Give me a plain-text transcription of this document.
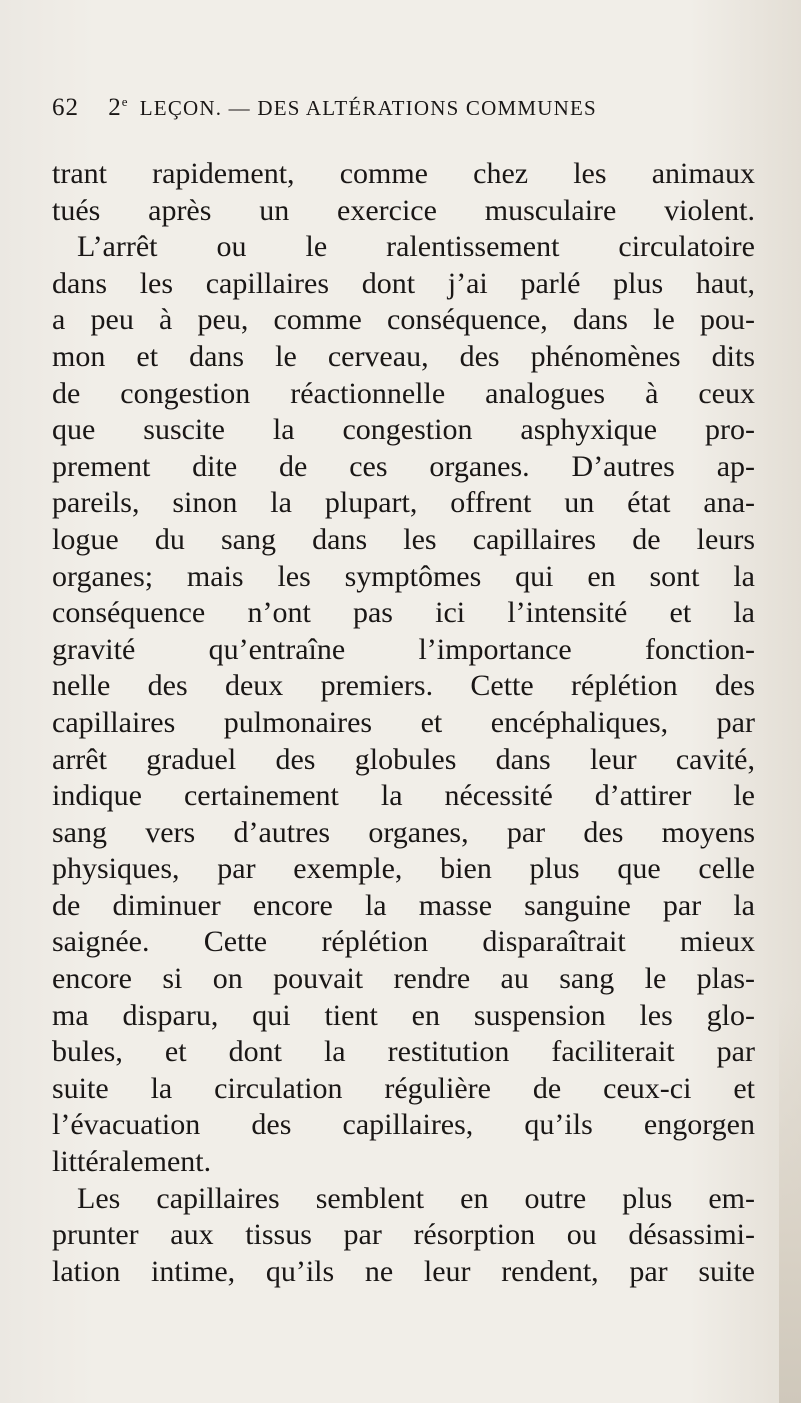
62 2e LEÇON. — DES ALTÉRATIONS COMMUNES
trant rapidement, comme chez les animaux
tués après un exercice musculaire violent.
L’arrêt ou le ralentissement circulatoire
dans les capillaires dont j’ai parlé plus haut,
a peu à peu, comme conséquence, dans le pou-
mon et dans le cerveau, des phénomènes dits
de congestion réactionnelle analogues à ceux
que suscite la congestion asphyxique pro-
prement dite de ces organes. D’autres ap-
pareils, sinon la plupart, offrent un état ana-
logue du sang dans les capillaires de leurs
organes; mais les symptômes qui en sont la
conséquence n’ont pas ici l’intensité et la
gravité qu’entraîne l’importance fonction-
nelle des deux premiers. Cette réplétion des
capillaires pulmonaires et encéphaliques, par
arrêt graduel des globules dans leur cavité,
indique certainement la nécessité d’attirer le
sang vers d’autres organes, par des moyens
physiques, par exemple, bien plus que celle
de diminuer encore la masse sanguine par la
saignée. Cette réplétion disparaîtrait mieux
encore si on pouvait rendre au sang le plas-
ma disparu, qui tient en suspension les glo-
bules, et dont la restitution faciliterait par
suite la circulation régulière de ceux-ci et
l’évacuation des capillaires, qu’ils engorgen
littéralement.
Les capillaires semblent en outre plus em-
prunter aux tissus par résorption ou désassimi-
lation intime, qu’ils ne leur rendent, par suite
